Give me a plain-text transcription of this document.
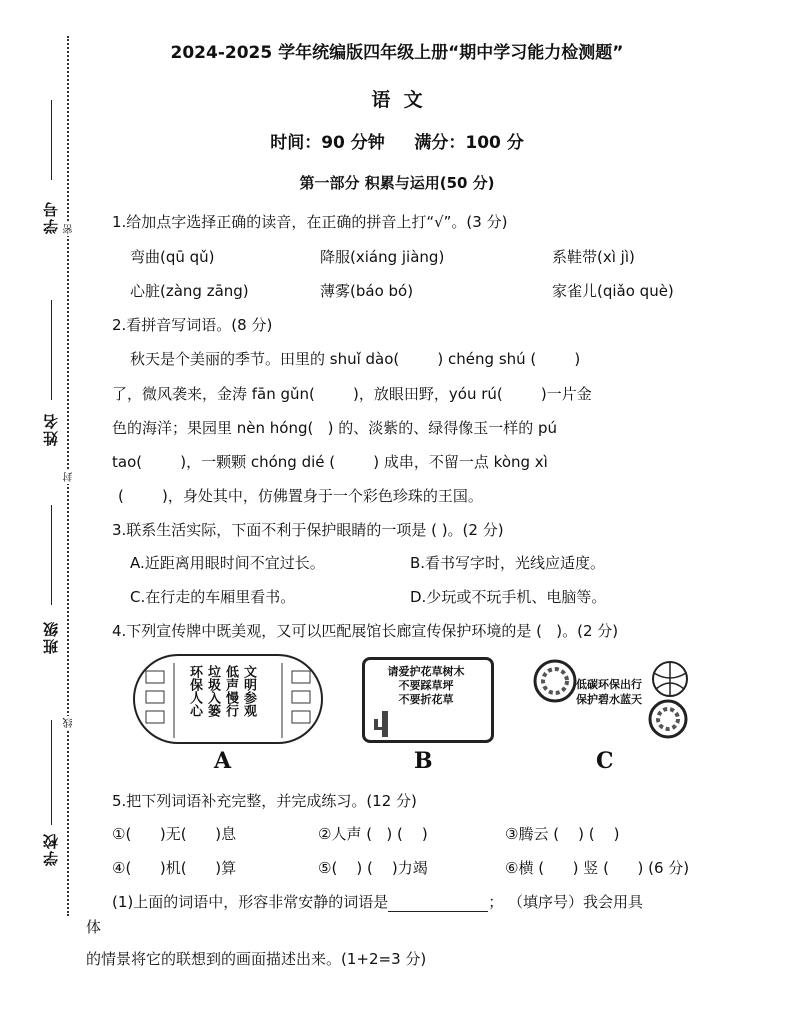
学号
姓名
班级
学校
密
封
线
2024-2025 学年统编版四年级上册“期中学习能力检测题”
语  文
时间：90 分钟     满分：100 分
第一部分 积累与运用(50 分)
1.给加点字选择正确的读音，在正确的拼音上打“√”。(3 分)
弯曲(qū qǔ)	降服(xiáng jiàng)	系鞋带(xì jì)
心脏(zàng zāng)	薄雾(báo bó)	家雀儿(qiǎo què)
2.看拼音写词语。(8 分)
秋天是个美丽的季节。田里的 shuǐ dào(        ) chéng shú (        )
了，微风袭来，金涛 fān gǔn(        )，放眼田野，yóu rú(        )一片金
色的海洋；果园里 nèn hóng(   ) 的、淡紫的、绿得像玉一样的 pú
tao(        )，一颗颗 chóng dié (        ) 成串，不留一点 kòng xì
(        )，身处其中，仿佛置身于一个彩色珍珠的王国。
3.联系生活实际，下面不利于保护眼睛的一项是 ( )。(2 分)
A.近距离用眼时间不宜过长。	B.看书写字时，光线应适度。
C.在行走的车厢里看书。	D.少玩或不玩手机、电脑等。
4.下列宣传牌中既美观，又可以匹配展馆长廊宣传保护环境的是 (   )。(2 分)
文明参观
低声慢行
垃圾入篓
环保人心	请爱护花草树木
不要踩草坪
不要折花草
低碳环保出行
保护碧水蓝天
A	B	C
5.把下列词语补充完整，并完成练习。(12 分)
①(      )无(      )息	②人声 (   ) (    )	③腾云 (    ) (    )
④(      )机(      )算	⑤(    ) (    )力竭	⑥横 (      ) 竖 (      ) (6 分)
(1)上面的词语中，形容非常安静的词语是	； （填序号）我会用具
体
的情景将它的联想到的画面描述出来。(1+2=3 分)
